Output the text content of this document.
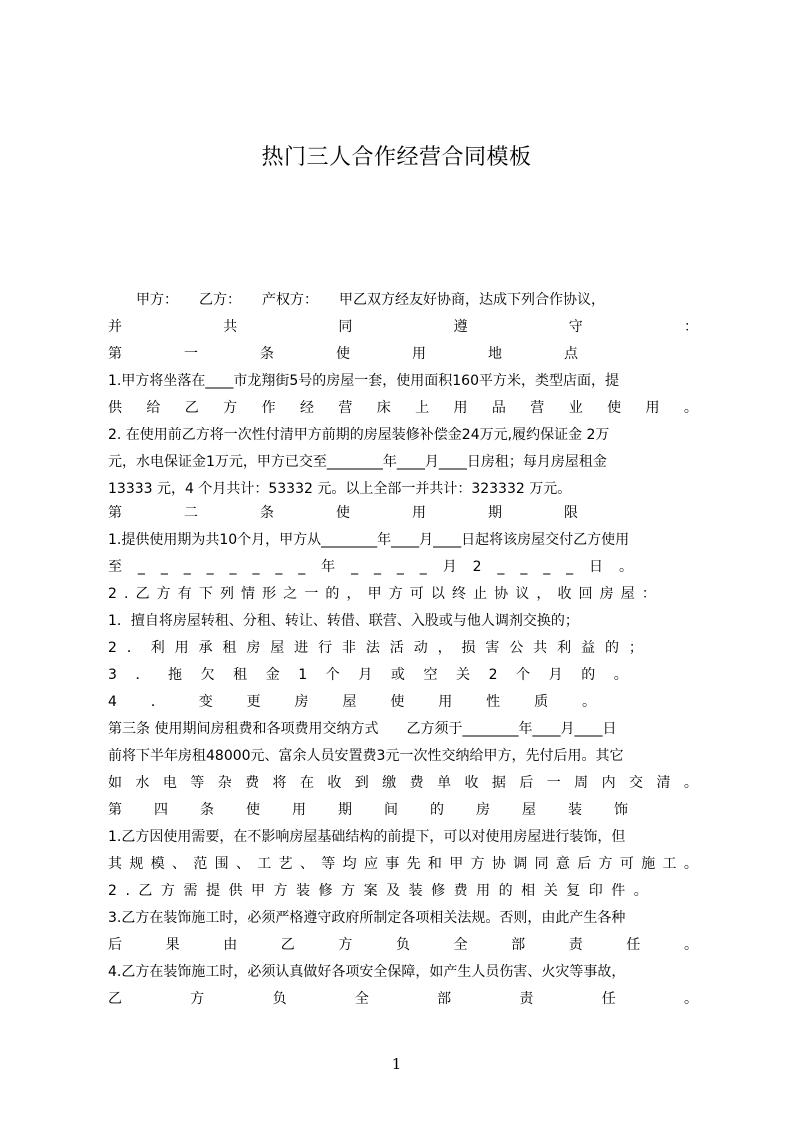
热门三人合作经营合同模板
　　甲方：　　乙方：　　产权方：　　甲乙双方经友好协商，达成下列合作协议，
并	共	同	遵	守	：
第	一	条	使	用	地	点
1.甲方将坐落在____市龙翔街5号的房屋一套，使用面积160平方米，类型店面，提
供 给 乙 方 作 经 营 床 上 用 品 营 业 使 用 。
2. 在使用前乙方将一次性付清甲方前期的房屋装修补偿金24万元,履约保证金 2万
元，水电保证金1万元，甲方已交至________年____月____日房租；每月房屋租金
13333 元，4 个月共计：53332 元。以上全部一并共计：323332 万元。
第	二	条	使	用	期	限
1.提供使用期为共10个月，甲方从________年____月____日起将该房屋交付乙方使用
至 _ _ _ _ _ _ _ _ 年 _ _ _ _ 月 2 _ _ _ _ 日 。
2 . 乙 方 有 下 列 情 形 之 一 的 ， 甲 方 可 以 终 止 协 议 ， 收 回 房 屋 ：
1．擅自将房屋转租、分租、转让、转借、联营、入股或与他人调剂交换的；
2 ． 利 用 承 租 房 屋 进 行 非 法 活 动 ， 损 害 公 共 利 益 的 ；
3 ． 拖 欠 租 金 1 个 月 或 空 关 2 个 月 的 。
4 ． 变 更 房 屋 使 用 性 质 。
第三条 使用期间房租费和各项费用交纳方式　　乙方须于________年____月____日
前将下半年房租48000元、富余人员安置费3元一次性交纳给甲方，先付后用。其它
如 水 电 等 杂 费 将 在 收 到 缴 费 单 收 据 后 一 周 内 交 清 。
第 四 条 使 用 期 间 的 房 屋 装 饰
1.乙方因使用需要，在不影响房屋基础结构的前提下，可以对使用房屋进行装饰，但
其 规 模 、 范 围 、 工 艺 、 等 均 应 事 先 和 甲 方 协 调 同 意 后 方 可 施 工 。
2 . 乙 方 需 提 供 甲 方 装 修 方 案 及 装 修 费 用 的 相 关 复 印 件 。
3.乙方在装饰施工时，必须严格遵守政府所制定各项相关法规。否则，由此产生各种
后	果	由	乙	方	负	全	部	责	任	。
4.乙方在装饰施工时，必须认真做好各项安全保障，如产生人员伤害、火灾等事故，
乙	方	负	全	部	责	任	。
1
